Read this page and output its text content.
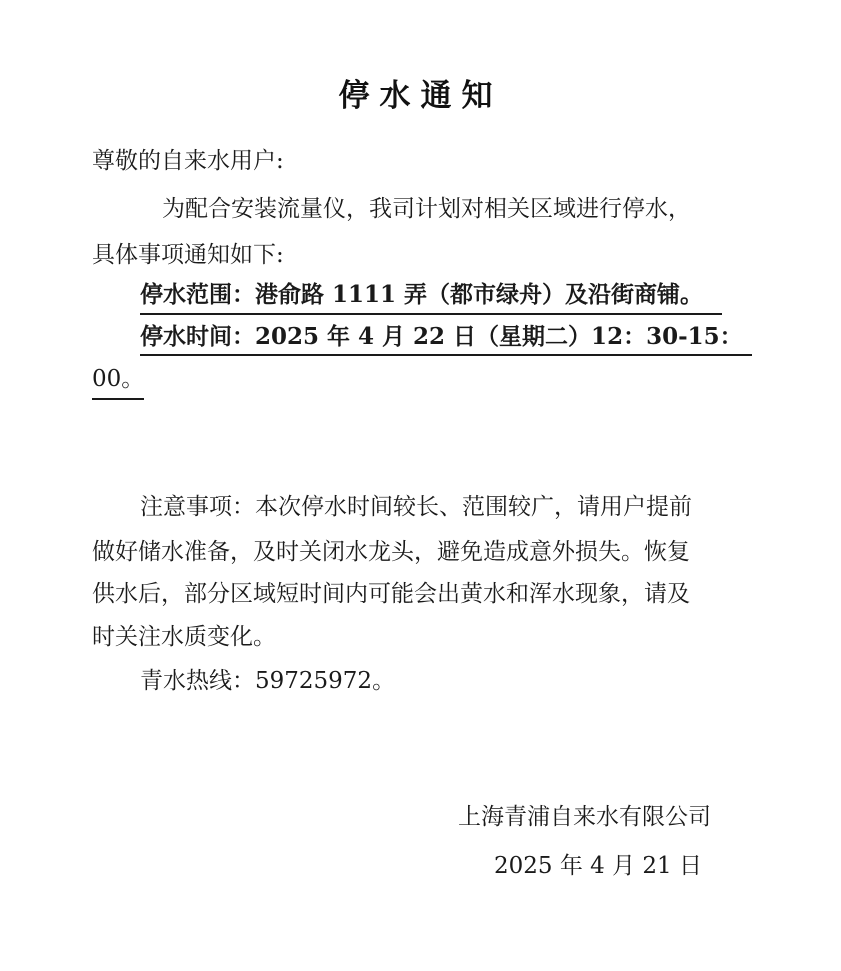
停水通知
尊敬的自来水用户:
为配合安装流量仪，我司计划对相关区域进行停水，
具体事项通知如下:
停水范围：港俞路 1111 弄（都市绿舟）及沿街商铺。
停水时间：2025 年 4 月 22 日（星期二）12：30-15：
00。
注意事项：本次停水时间较长、范围较广，请用户提前
做好储水准备，及时关闭水龙头，避免造成意外损失。恢复
供水后，部分区域短时间内可能会出黄水和浑水现象，请及
时关注水质变化。
青水热线：59725972。
上海青浦自来水有限公司
2025 年 4 月 21 日
